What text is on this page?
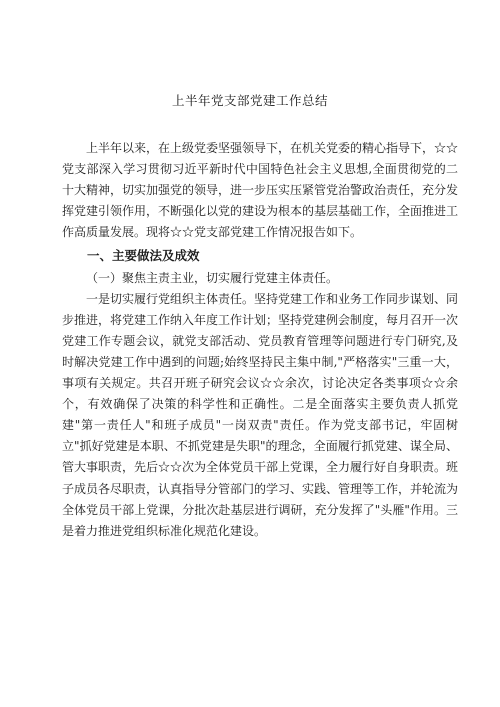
上半年党支部党建工作总结

上半年以来，在上级党委坚强领导下，在机关党委的精心指导下，☆☆党支部深入学习贯彻习近平新时代中国特色社会主义思想,全面贯彻党的二十大精神，切实加强党的领导，进一步压实压紧管党治警政治责任，充分发挥党建引领作用，不断强化以党的建设为根本的基层基础工作，全面推进工作高质量发展。现将☆☆党支部党建工作情况报告如下。

一、主要做法及成效

（一）聚焦主责主业，切实履行党建主体责任。

一是切实履行党组织主体责任。坚持党建工作和业务工作同步谋划、同步推进，将党建工作纳入年度工作计划；坚持党建例会制度，每月召开一次党建工作专题会议，就党支部活动、党员教育管理等问题进行专门研究,及时解决党建工作中遇到的问题;始终坚持民主集中制,"严格落实"三重一大，事项有关规定。共召开班子研究会议☆☆余次，讨论决定各类事项☆☆余个，有效确保了决策的科学性和正确性。二是全面落实主要负责人抓党建"第一责任人"和班子成员"一岗双责"责任。作为党支部书记，牢固树立"抓好党建是本职、不抓党建是失职"的理念，全面履行抓党建、谋全局、管大事职责，先后☆☆次为全体党员干部上党课，全力履行好自身职责。班子成员各尽职责，认真指导分管部门的学习、实践、管理等工作，并轮流为全体党员干部上党课，分批次赴基层进行调研，充分发挥了"头雁"作用。三是着力推进党组织标准化规范化建设。
